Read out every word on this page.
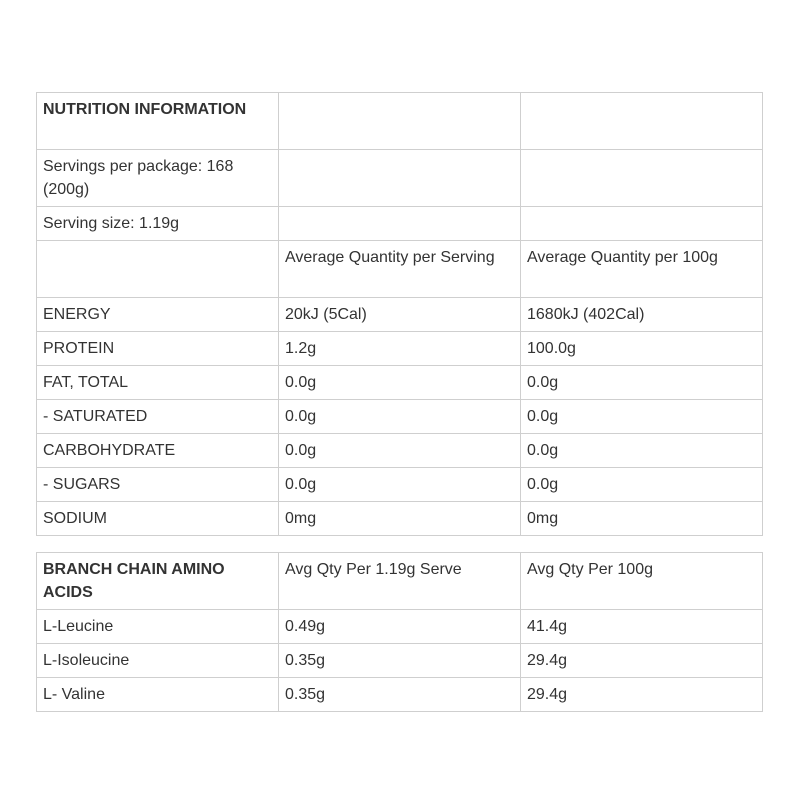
NUTRITION INFORMATION		
Servings per package: 168 (200g)		
Serving size: 1.19g		
	Average Quantity per Serving	Average Quantity per 100g
ENERGY	20kJ (5Cal)	1680kJ (402Cal)
PROTEIN	1.2g	100.0g
FAT, TOTAL	0.0g	0.0g
- SATURATED	0.0g	0.0g
CARBOHYDRATE	0.0g	0.0g
- SUGARS	0.0g	0.0g
SODIUM	0mg	0mg
BRANCH CHAIN AMINO ACIDS	Avg Qty Per 1.19g Serve	Avg Qty Per 100g
L-Leucine	0.49g	41.4g
L-Isoleucine	0.35g	29.4g
L- Valine	0.35g	29.4g
